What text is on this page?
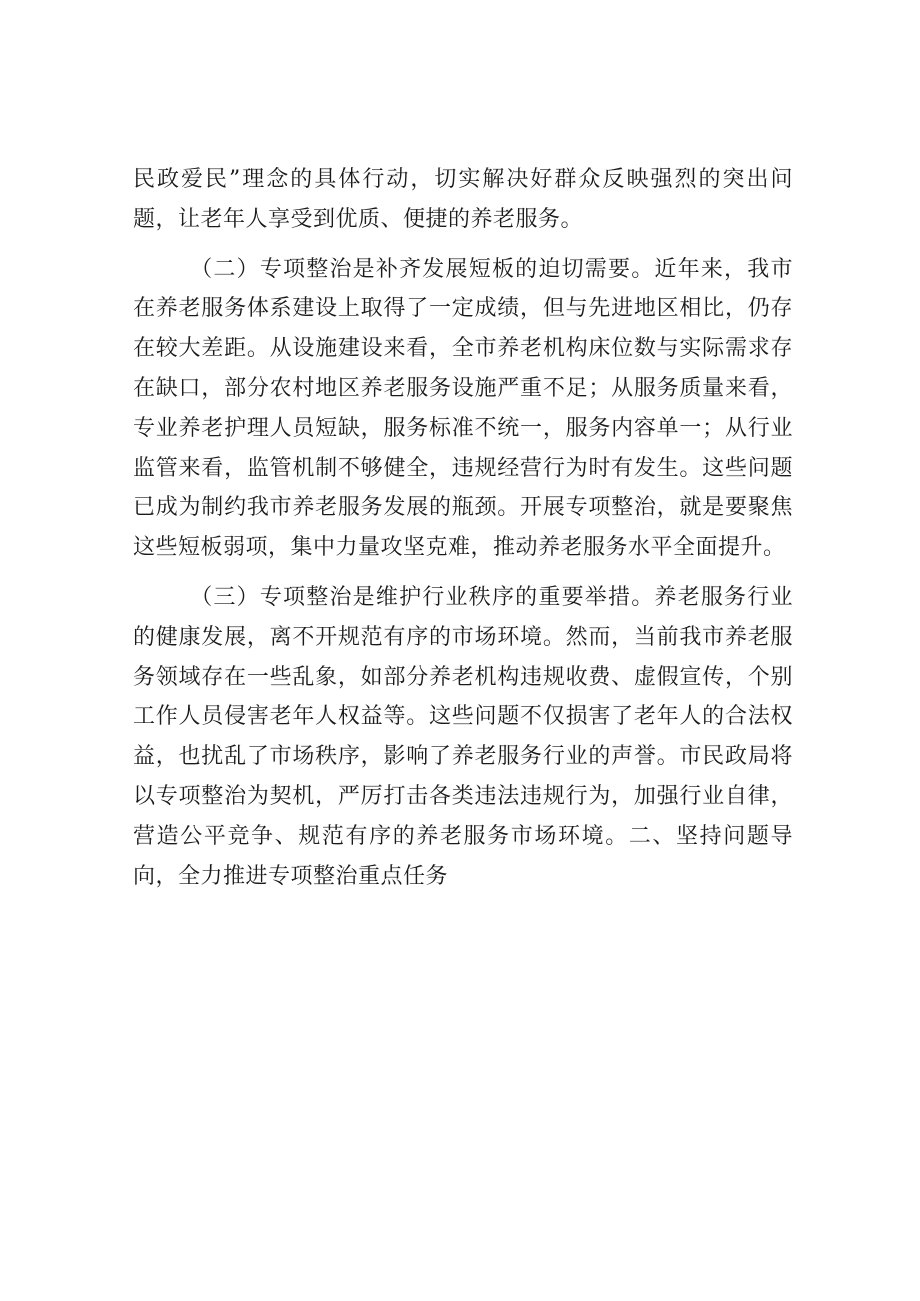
民政爱民”理念的具体行动，切实解决好群众反映强烈的突出问题，让老年人享受到优质、便捷的养老服务。

（二）专项整治是补齐发展短板的迫切需要。近年来，我市在养老服务体系建设上取得了一定成绩，但与先进地区相比，仍存在较大差距。从设施建设来看，全市养老机构床位数与实际需求存在缺口，部分农村地区养老服务设施严重不足；从服务质量来看，专业养老护理人员短缺，服务标准不统一，服务内容单一；从行业监管来看，监管机制不够健全，违规经营行为时有发生。这些问题已成为制约我市养老服务发展的瓶颈。开展专项整治，就是要聚焦这些短板弱项，集中力量攻坚克难，推动养老服务水平全面提升。

（三）专项整治是维护行业秩序的重要举措。养老服务行业的健康发展，离不开规范有序的市场环境。然而，当前我市养老服务领域存在一些乱象，如部分养老机构违规收费、虚假宣传，个别工作人员侵害老年人权益等。这些问题不仅损害了老年人的合法权益，也扰乱了市场秩序，影响了养老服务行业的声誉。市民政局将以专项整治为契机，严厉打击各类违法违规行为，加强行业自律，营造公平竞争、规范有序的养老服务市场环境。二、坚持问题导向，全力推进专项整治重点任务
